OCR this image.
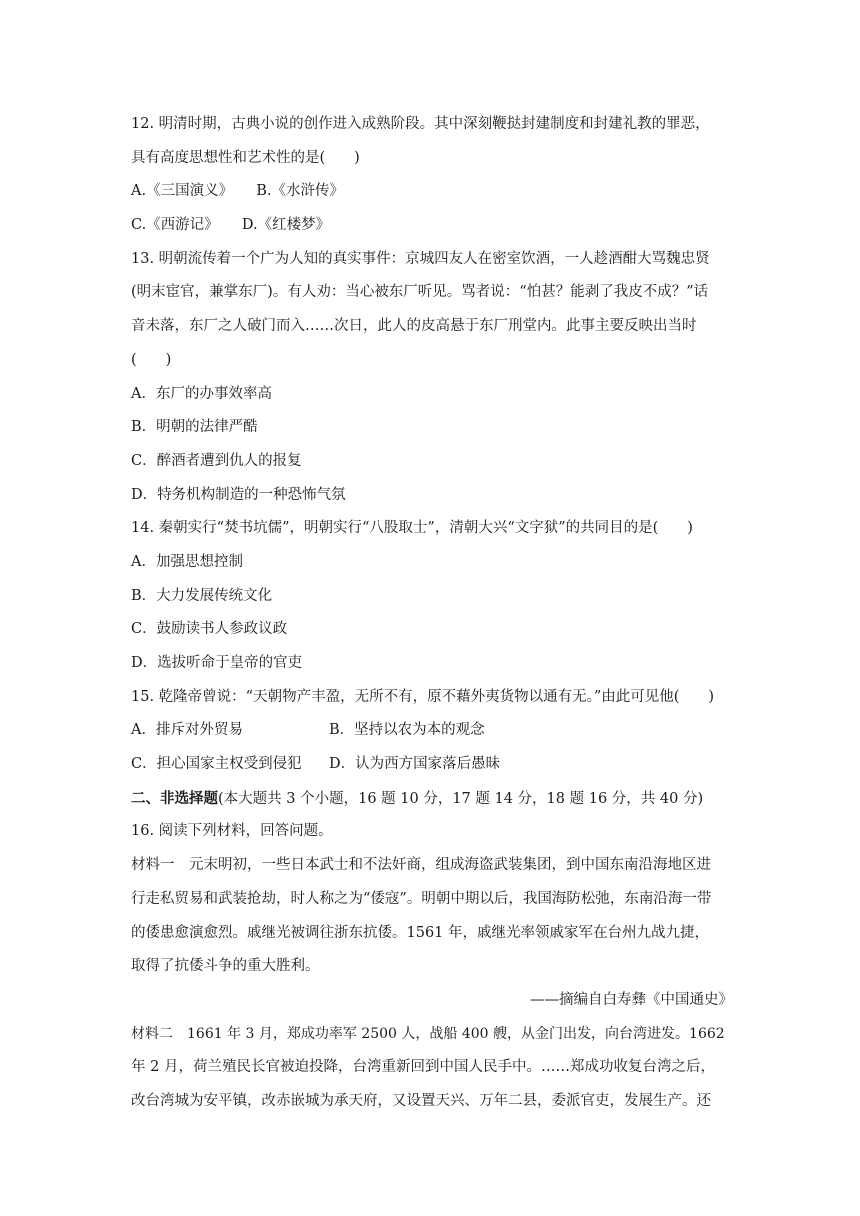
12. 明清时期，古典小说的创作进入成熟阶段。其中深刻鞭挞封建制度和封建礼教的罪恶，
具有高度思想性和艺术性的是(　　)
A.《三国演义》 B.《水浒传》
C.《西游记》 D.《红楼梦》
13. 明朝流传着一个广为人知的真实事件：京城四友人在密室饮酒，一人趁酒酣大骂魏忠贤
(明末宦官，兼掌东厂)。有人劝：当心被东厂听见。骂者说：“怕甚？能剥了我皮不成？”话
音未落，东厂之人破门而入……次日，此人的皮高悬于东厂刑堂内。此事主要反映出当时
(　　)
A．东厂的办事效率高
B．明朝的法律严酷
C．醉酒者遭到仇人的报复
D．特务机构制造的一种恐怖气氛
14. 秦朝实行“焚书坑儒”，明朝实行“八股取士”，清朝大兴“文字狱”的共同目的是(　　)
A．加强思想控制
B．大力发展传统文化
C．鼓励读书人参政议政
D．选拔听命于皇帝的官吏
15. 乾隆帝曾说：“天朝物产丰盈，无所不有，原不藉外夷货物以通有无。”由此可见他(　　)
A．排斥对外贸易	B．坚持以农为本的观念
C．担心国家主权受到侵犯	D．认为西方国家落后愚昧
二、非选择题(本大题共 3 个小题，16 题 10 分，17 题 14 分，18 题 16 分，共 40 分)
16. 阅读下列材料，回答问题。
材料一　元末明初，一些日本武士和不法奸商，组成海盗武装集团，到中国东南沿海地区进
行走私贸易和武装抢劫，时人称之为“倭寇”。明朝中期以后，我国海防松弛，东南沿海一带
的倭患愈演愈烈。戚继光被调往浙东抗倭。1561 年，戚继光率领戚家军在台州九战九捷，
取得了抗倭斗争的重大胜利。
——摘编自白寿彝《中国通史》
材料二　1661 年 3 月，郑成功率军 2500 人，战船 400 艘，从金门出发，向台湾进发。1662
年 2 月，荷兰殖民长官被迫投降，台湾重新回到中国人民手中。……郑成功收复台湾之后，
改台湾城为安平镇，改赤嵌城为承天府，又设置天兴、万年二县，委派官吏，发展生产。还
